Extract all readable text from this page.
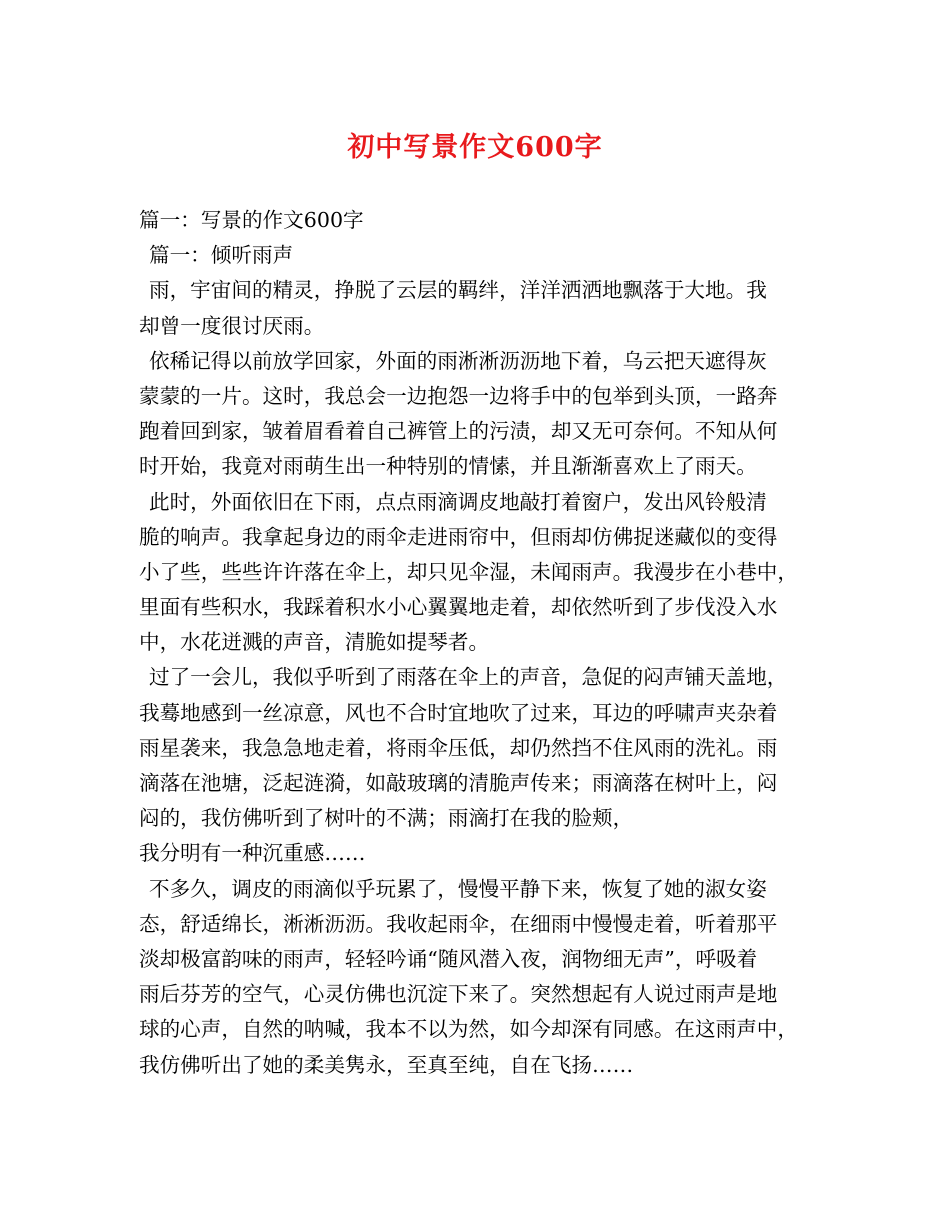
初中写景作文600字
篇一：写景的作文600字
篇一：倾听雨声
雨，宇宙间的精灵，挣脱了云层的羁绊，洋洋洒洒地飘落于大地。我
却曾一度很讨厌雨。
依稀记得以前放学回家，外面的雨淅淅沥沥地下着，乌云把天遮得灰
蒙蒙的一片。这时，我总会一边抱怨一边将手中的包举到头顶，一路奔
跑着回到家，皱着眉看着自己裤管上的污渍，却又无可奈何。不知从何
时开始，我竟对雨萌生出一种特别的情愫，并且渐渐喜欢上了雨天。
此时，外面依旧在下雨，点点雨滴调皮地敲打着窗户，发出风铃般清
脆的响声。我拿起身边的雨伞走进雨帘中，但雨却仿佛捉迷藏似的变得
小了些，些些许许落在伞上，却只见伞湿，未闻雨声。我漫步在小巷中，
里面有些积水，我踩着积水小心翼翼地走着，却依然听到了步伐没入水
中，水花迸溅的声音，清脆如提琴者。
过了一会儿，我似乎听到了雨落在伞上的声音，急促的闷声铺天盖地，
我蓦地感到一丝凉意，风也不合时宜地吹了过来，耳边的呼啸声夹杂着
雨星袭来，我急急地走着，将雨伞压低，却仍然挡不住风雨的洗礼。雨
滴落在池塘，泛起涟漪，如敲玻璃的清脆声传来；雨滴落在树叶上，闷
闷的，我仿佛听到了树叶的不满；雨滴打在我的脸颊，
我分明有一种沉重感……
不多久，调皮的雨滴似乎玩累了，慢慢平静下来，恢复了她的淑女姿
态，舒适绵长，淅淅沥沥。我收起雨伞，在细雨中慢慢走着，听着那平
淡却极富韵味的雨声，轻轻吟诵“随风潜入夜，润物细无声”，呼吸着
雨后芬芳的空气，心灵仿佛也沉淀下来了。突然想起有人说过雨声是地
球的心声，自然的呐喊，我本不以为然，如今却深有同感。在这雨声中，
我仿佛听出了她的柔美隽永，至真至纯，自在飞扬……
